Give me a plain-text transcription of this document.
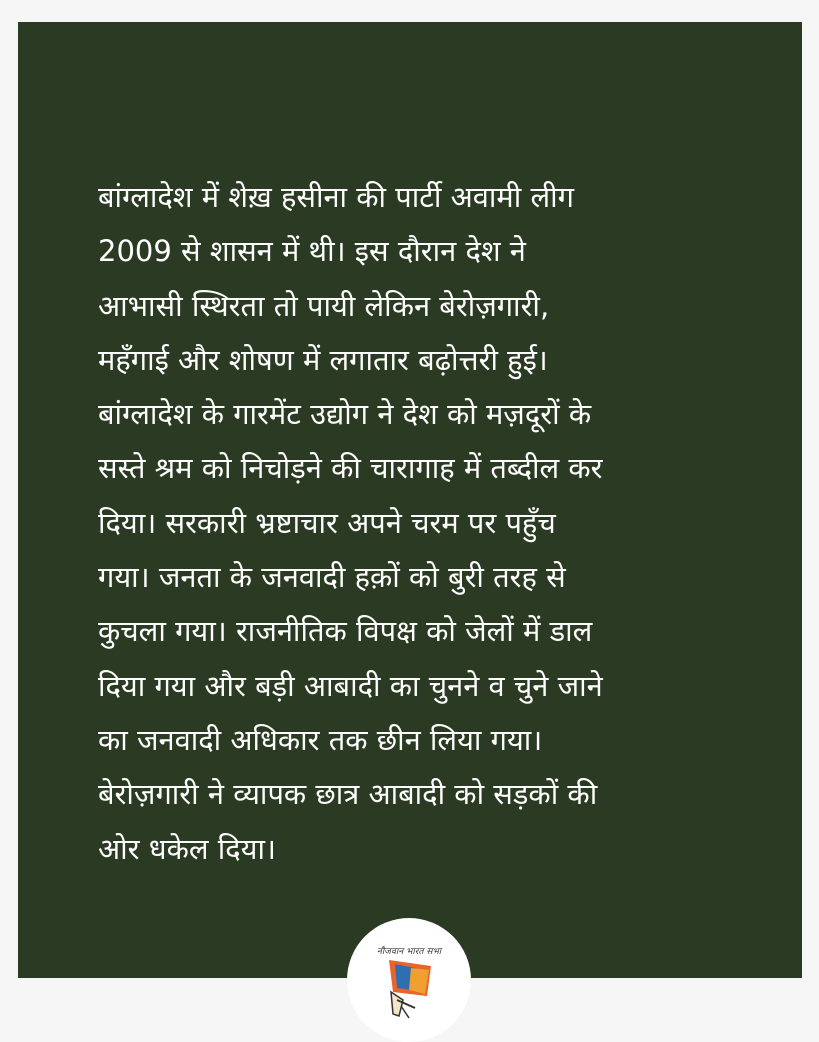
बांग्लादेश में शेख़ हसीना की पार्टी अवामी लीग
2009 से शासन में थी। इस दौरान देश ने
आभासी स्थिरता तो पायी लेकिन बेरोज़गारी,
महँगाई और शोषण में लगातार बढ़ोत्तरी हुई।
बांग्लादेश के गारमेंट उद्योग ने देश को मज़दूरों के
सस्ते श्रम को निचोड़ने की चारागाह में तब्दील कर
दिया। सरकारी भ्रष्टाचार अपने चरम पर पहुँच
गया। जनता के जनवादी हक़ों को बुरी तरह से
कुचला गया। राजनीतिक विपक्ष को जेलों में डाल
दिया गया और बड़ी आबादी का चुनने व चुने जाने
का जनवादी अधिकार तक छीन लिया गया।
बेरोज़गारी ने व्यापक छात्र आबादी को सड़कों की
ओर धकेल दिया।

नौजवान भारत सभा
